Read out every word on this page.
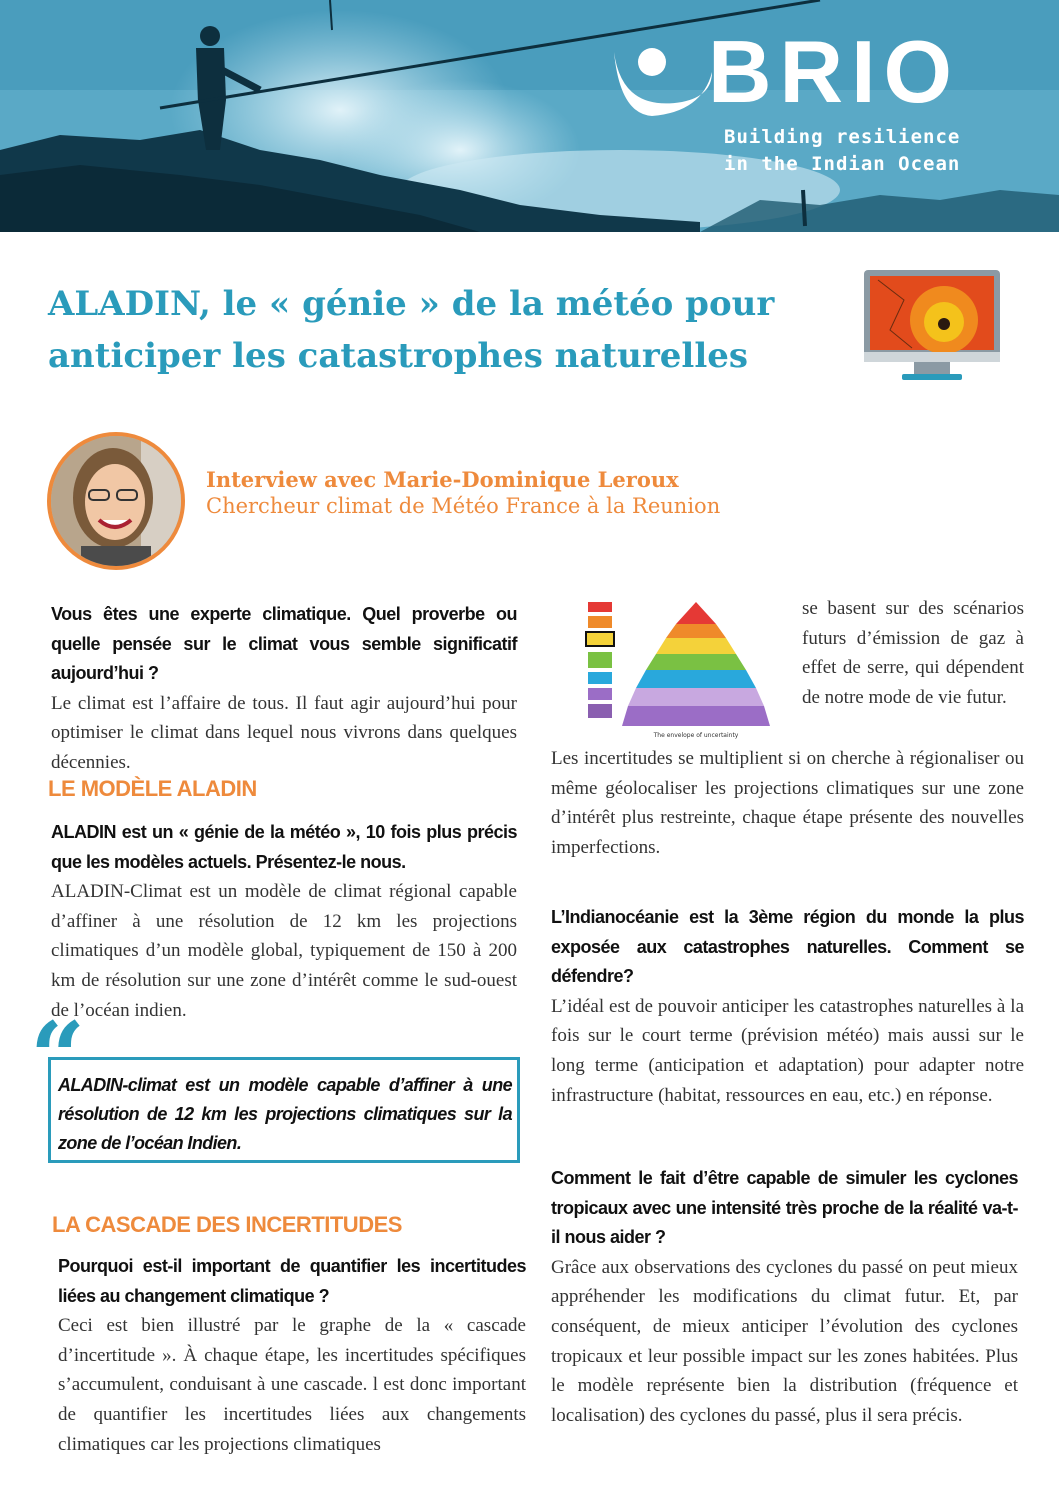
BRIO
Building resilience
in the Indian Ocean
ALADIN, le « génie » de la météo pour anticiper les catastrophes naturelles
Interview avec Marie-Dominique Leroux
Chercheur climat de Météo France à la Reunion
Vous êtes une experte climatique. Quel proverbe ou quelle pensée sur le climat vous semble significatif aujourd’hui ?
Le climat est l’affaire de tous. Il faut agir aujourd’hui pour optimiser le climat dans lequel nous vivrons dans quelques décennies.
LE MODÈLE ALADIN
ALADIN est un « génie de la météo », 10 fois plus précis que les modèles actuels. Présentez-le nous.
ALADIN-Climat est un modèle de climat régional capable d’affiner à une résolution de 12 km les projections climatiques d’un modèle global, typiquement de 150 à 200 km de résolution sur une zone d’intérêt comme le sud-ouest de l’océan indien.
“
ALADIN-climat est un modèle capable d’affiner à une résolution de 12 km les projections climatiques sur la zone de l’océan Indien.
LA CASCADE DES INCERTITUDES
Pourquoi est-il important de quantifier les incertitudes liées au changement climatique ?
Ceci est bien illustré par le graphe de la « cascade d’incertitude ». À chaque étape, les incertitudes spécifiques s’accumulent, conduisant à une cascade. l est donc important de quantifier les incertitudes liées aux changements climatiques car les projections climatiques
The envelope of uncertainty
se basent sur des scénarios futurs d’émission de gaz à effet de serre, qui dépendent de notre mode de vie futur.
Les incertitudes se multiplient si on cherche à régionaliser ou même géolocaliser les projections climatiques sur une zone d’intérêt plus restreinte, chaque étape présente des nouvelles imperfections.
L’Indianocéanie est la 3ème région du monde la plus exposée aux catastrophes naturelles. Comment se défendre?
L’idéal est de pouvoir anticiper les catastrophes naturelles à la fois sur le court terme (prévision météo) mais aussi sur le long terme (anticipation et adaptation) pour adapter notre infrastructure (habitat, ressources en eau, etc.) en réponse.
Comment le fait d’être capable de simuler les cyclones tropicaux avec une intensité très proche de la réalité va-t-il nous aider ?
Grâce aux observations des cyclones du passé on peut mieux appréhender les modifications du climat futur. Et, par conséquent, de mieux anticiper l’évolution des cyclones tropicaux et leur possible impact sur les zones habitées. Plus le modèle représente bien la distribution (fréquence et localisation) des cyclones du passé, plus il sera précis.
